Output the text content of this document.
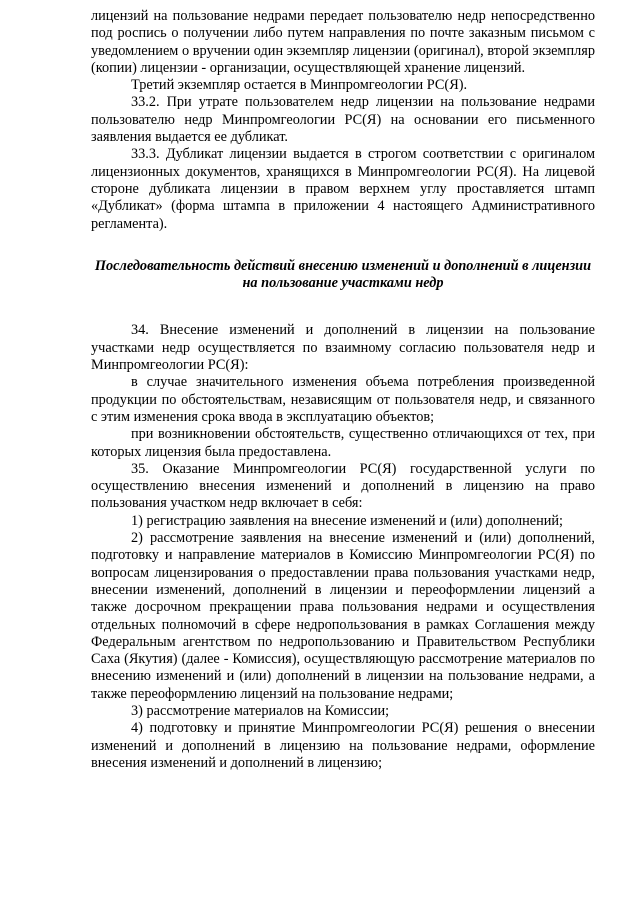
лицензий на пользование недрами передает пользователю недр непосредственно под роспись о получении либо путем направления по почте заказным письмом с уведомлением о вручении один экземпляр лицензии (оригинал), второй экземпляр (копии) лицензии - организации, осуществляющей хранение лицензий.

Третий экземпляр остается в Минпромгеологии РС(Я).

33.2. При утрате пользователем недр лицензии на пользование недрами пользователю недр Минпромгеологии РС(Я) на основании его письменного заявления выдается ее дубликат.

33.3. Дубликат лицензии выдается в строгом соответствии с оригиналом лицензионных документов, хранящихся в Минпромгеологии РС(Я). На лицевой стороне дубликата лицензии в правом верхнем углу проставляется штамп «Дубликат» (форма штампа в приложении 4 настоящего Административного регламента).

Последовательность действий внесению изменений и дополнений в лицензии на пользование участками недр

34. Внесение изменений и дополнений в лицензии на пользование участками недр осуществляется по взаимному согласию пользователя недр и Минпромгеологии РС(Я):

в случае значительного изменения объема потребления произведенной продукции по обстоятельствам, независящим от пользователя недр, и связанного с этим изменения срока ввода в эксплуатацию объектов;

при возникновении обстоятельств, существенно отличающихся от тех, при которых лицензия была предоставлена.

35. Оказание Минпромгеологии РС(Я) государственной услуги по осуществлению внесения изменений и дополнений в лицензию на право пользования участком недр включает в себя:

1) регистрацию заявления на внесение изменений и (или) дополнений;

2) рассмотрение заявления на внесение изменений и (или) дополнений, подготовку и направление материалов в Комиссию Минпромгеологии РС(Я) по вопросам лицензирования о предоставлении права пользования участками недр, внесении изменений, дополнений в лицензии и переоформлении лицензий а также досрочном прекращении права пользования недрами и осуществления отдельных полномочий в сфере недропользования в рамках Соглашения между Федеральным агентством по недропользованию и Правительством Республики Саха (Якутия) (далее - Комиссия), осуществляющую рассмотрение материалов по внесению изменений и (или) дополнений в лицензии на пользование недрами, а также переоформлению лицензий на пользование недрами;

3) рассмотрение материалов на Комиссии;

4) подготовку и принятие Минпромгеологии РС(Я) решения о внесении изменений и дополнений в лицензию на пользование недрами, оформление внесения изменений и дополнений в лицензию;
